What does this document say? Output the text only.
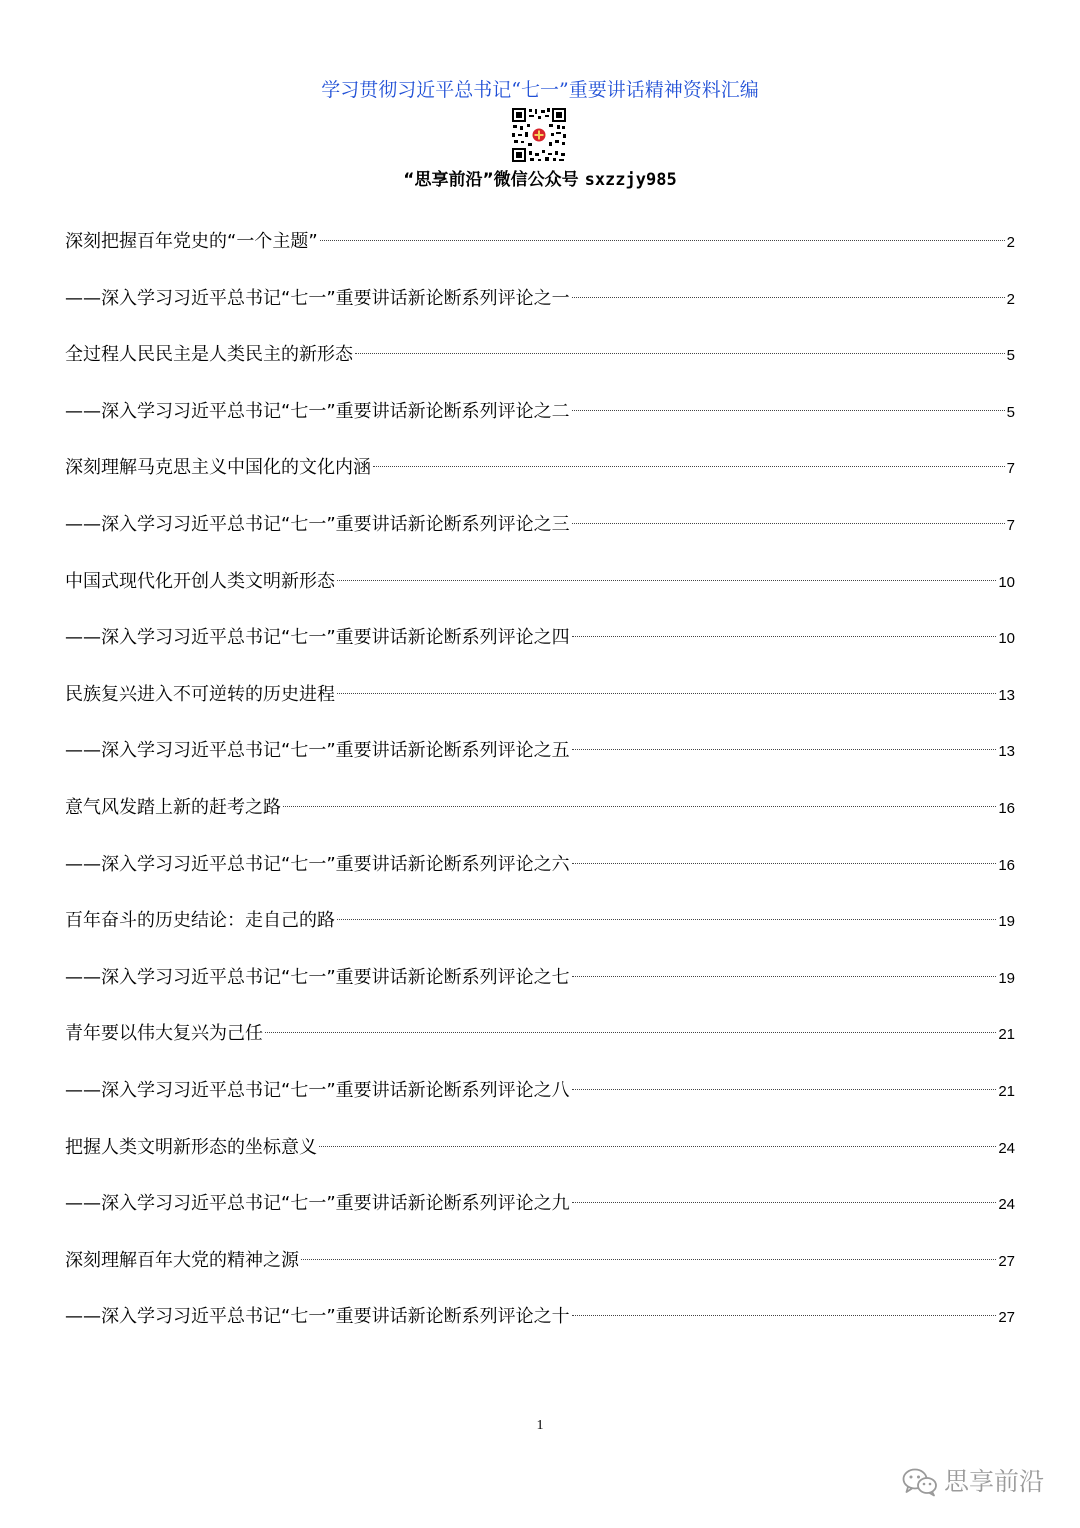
学习贯彻习近平总书记“七一”重要讲话精神资料汇编
“思享前沿”微信公众号 sxzzjy985
深刻把握百年党史的“一个主题”	2
——深入学习习近平总书记“七一”重要讲话新论断系列评论之一	2
全过程人民民主是人类民主的新形态	5
——深入学习习近平总书记“七一”重要讲话新论断系列评论之二	5
深刻理解马克思主义中国化的文化内涵	7
——深入学习习近平总书记“七一”重要讲话新论断系列评论之三	7
中国式现代化开创人类文明新形态	10
——深入学习习近平总书记“七一”重要讲话新论断系列评论之四	10
民族复兴进入不可逆转的历史进程	13
——深入学习习近平总书记“七一”重要讲话新论断系列评论之五	13
意气风发踏上新的赶考之路	16
——深入学习习近平总书记“七一”重要讲话新论断系列评论之六	16
百年奋斗的历史结论：走自己的路	19
——深入学习习近平总书记“七一”重要讲话新论断系列评论之七	19
青年要以伟大复兴为己任	21
——深入学习习近平总书记“七一”重要讲话新论断系列评论之八	21
把握人类文明新形态的坐标意义	24
——深入学习习近平总书记“七一”重要讲话新论断系列评论之九	24
深刻理解百年大党的精神之源	27
——深入学习习近平总书记“七一”重要讲话新论断系列评论之十	27
1
思享前沿
